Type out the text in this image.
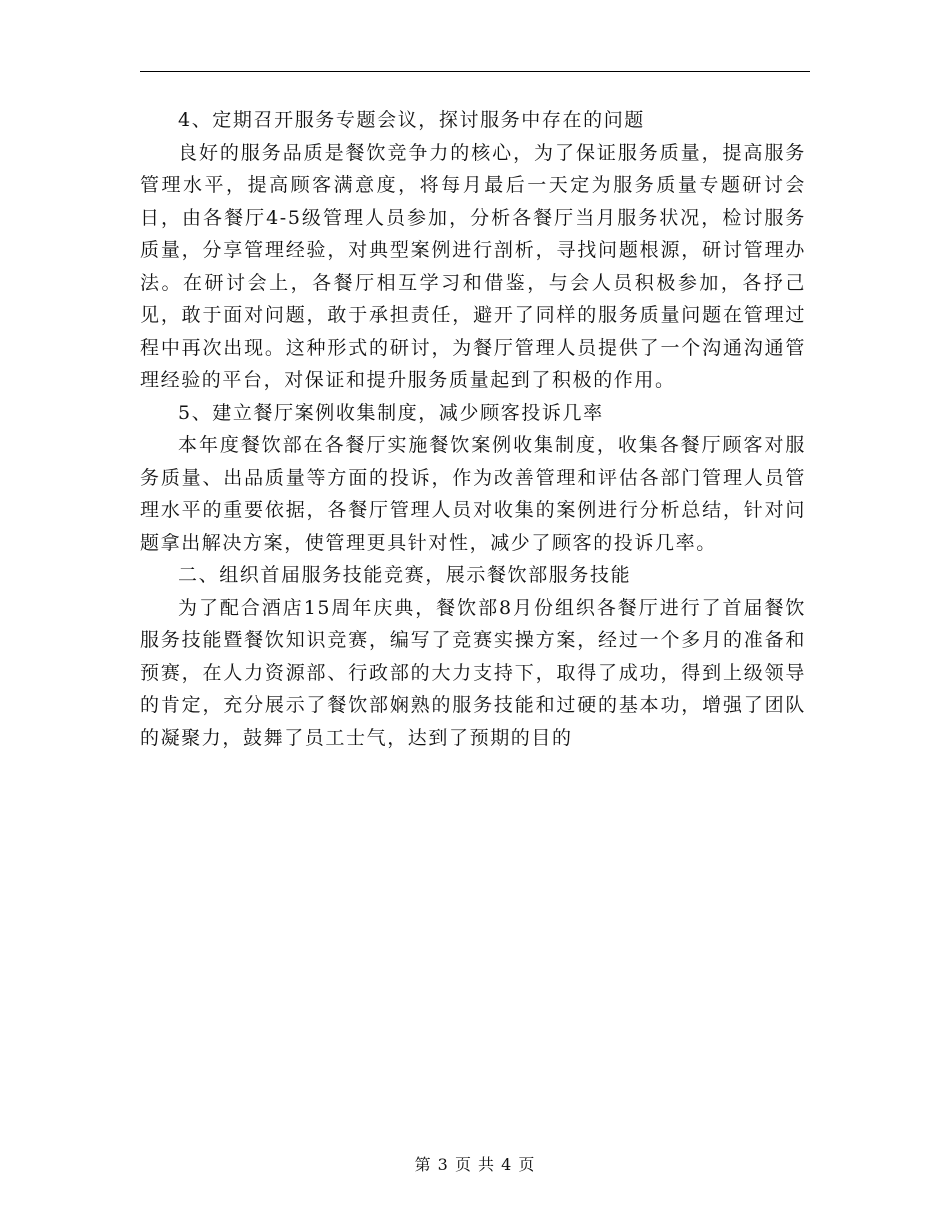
4、定期召开服务专题会议，探讨服务中存在的问题

良好的服务品质是餐饮竞争力的核心，为了保证服务质量，提高服务管理水平，提高顾客满意度，将每月最后一天定为服务质量专题研讨会日，由各餐厅4-5级管理人员参加，分析各餐厅当月服务状况，检讨服务质量，分享管理经验，对典型案例进行剖析，寻找问题根源，研讨管理办法。在研讨会上，各餐厅相互学习和借鉴，与会人员积极参加，各抒己见，敢于面对问题，敢于承担责任，避开了同样的服务质量问题在管理过程中再次出现。这种形式的研讨，为餐厅管理人员提供了一个沟通沟通管理经验的平台，对保证和提升服务质量起到了积极的作用。

5、建立餐厅案例收集制度，减少顾客投诉几率

本年度餐饮部在各餐厅实施餐饮案例收集制度，收集各餐厅顾客对服务质量、出品质量等方面的投诉，作为改善管理和评估各部门管理人员管理水平的重要依据，各餐厅管理人员对收集的案例进行分析总结，针对问题拿出解决方案，使管理更具针对性，减少了顾客的投诉几率。

二、组织首届服务技能竞赛，展示餐饮部服务技能

为了配合酒店15周年庆典，餐饮部8月份组织各餐厅进行了首届餐饮服务技能暨餐饮知识竞赛，编写了竞赛实操方案，经过一个多月的准备和预赛，在人力资源部、行政部的大力支持下，取得了成功，得到上级领导的肯定，充分展示了餐饮部娴熟的服务技能和过硬的基本功，增强了团队的凝聚力，鼓舞了员工士气，达到了预期的目的

第 3 页 共 4 页
